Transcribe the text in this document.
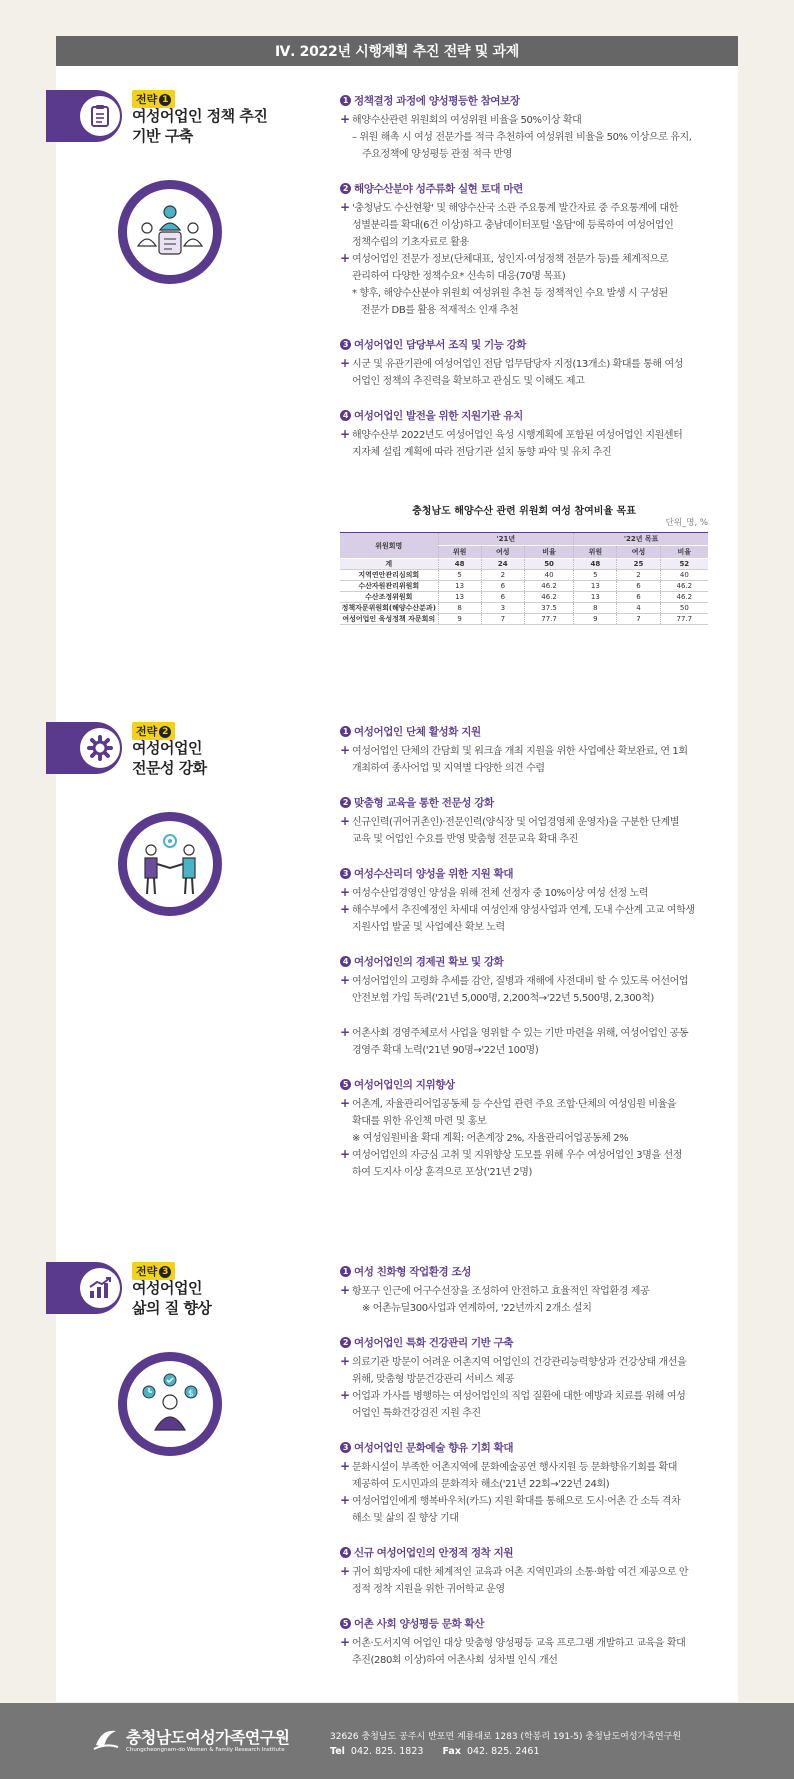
Ⅳ. 2022년 시행계획 추진 전략 및 과제
전략 1
여성어업인 정책 추진
기반 구축
1 정책결정 과정에 양성평등한 참여보장
+ 해양수산관련 위원회의 여성위원 비율을 50%이상 확대
– 위원 해촉 시 여성 전문가를 적극 추천하여 여성위원 비율을 50% 이상으로 유지,
주요정책에 양성평등 관점 적극 반영
2 해양수산분야 성주류화 실현 토대 마련
+ '충청남도 수산현황' 및 해양수산국 소관 주요통계 발간자료 중 주요통계에 대한
성별분리를 확대(6건 이상)하고 충남데이터포털 '올담'에 등록하여 여성어업인
정책수립의 기초자료로 활용
+ 여성어업인 전문가 정보(단체대표, 성인지·여성정책 전문가 등)를 체계적으로
관리하여 다양한 정책수요* 신속히 대응(70명 목표)
* 향후, 해양수산분야 위원회 여성위원 추천 등 정책적인 수요 발생 시 구성된
전문가 DB를 활용 적재적소 인재 추천
3 여성어업인 담당부서 조직 및 기능 강화
+ 시군 및 유관기관에 여성어업인 전담 업무담당자 지정(13개소) 확대를 통해 여성
어업인 정책의 추진력을 확보하고 관심도 및 이해도 제고
4 여성어업인 발전을 위한 지원기관 유치
+ 해양수산부 2022년도 여성어업인 육성 시행계획에 포함된 여성어업인 지원센터
지자체 설립 계획에 따라 전담기관 설치 동향 파악 및 유치 추진
충청남도 해양수산 관련 위원회 여성 참여비율 목표
단위_명, %
위원회명	'21년			'22년 목표		
	위원	여성	비율	위원	여성	비율
계	48	24	50	48	25	52
지역연안관리심의회	5	2	40	5	2	40
수산자원관리위원회	13	6	46.2	13	6	46.2
수산조정위원회	13	6	46.2	13	6	46.2
정책자문위원회(해양수산분과)	8	3	37.5	8	4	50
여성어업인 육성정책 자문회의	9	7	77.7	9	7	77.7
전략 2
여성어업인
전문성 강화
1 여성어업인 단체 활성화 지원
+ 여성어업인 단체의 간담회 및 워크숍 개최 지원을 위한 사업예산 확보완료, 연 1회
개최하여 종사어업 및 지역별 다양한 의견 수렴
2 맞춤형 교육을 통한 전문성 강화
+ 신규인력(귀어귀촌인)·전문인력(양식장 및 어업경영체 운영자)을 구분한 단계별
교육 및 어업인 수요를 반영 맞춤형 전문교육 확대 추진
3 여성수산리더 양성을 위한 지원 확대
+ 여성수산업경영인 양성을 위해 전체 선정자 중 10%이상 여성 선정 노력
+ 해수부에서 추진예정인 차세대 여성인재 양성사업과 연계, 도내 수산계 고교 여학생
지원사업 발굴 및 사업예산 확보 노력
4 여성어업인의 경제권 확보 및 강화
+ 여성어업인의 고령화 추세를 감안, 질병과 재해에 사전대비 할 수 있도록 어선어업
안전보험 가입 독려('21년 5,000명, 2,200척→'22년 5,500명, 2,300척)
+ 어촌사회 경영주체로서 사업을 영위할 수 있는 기반 마련을 위해, 여성어업인 공동
경영주 확대 노력('21년 90명→'22년 100명)
5 여성어업인의 지위향상
+ 어촌계, 자율관리어업공동체 등 수산업 관련 주요 조합·단체의 여성임원 비율을
확대를 위한 유인책 마련 및 홍보
※ 여성임원비율 확대 계획: 어촌계장 2%, 자율관리어업공동체 2%
+ 여성어업인의 자긍심 고취 및 지위향상 도모를 위해 우수 여성어업인 3명을 선정
하여 도지사 이상 훈격으로 포상('21년 2명)
전략 3
여성어업인
삶의 질 향상
$
1 여성 친화형 작업환경 조성
+ 항포구 인근에 어구수선장을 조성하여 안전하고 효율적인 작업환경 제공
※ 어촌뉴딜300사업과 연계하여, '22년까지 2개소 설치
2 여성어업인 특화 건강관리 기반 구축
+ 의료기관 방문이 어려운 어촌지역 어업인의 건강관리능력향상과 건강상태 개선을
위해, 맞춤형 방문건강관리 서비스 제공
+ 어업과 가사를 병행하는 여성어업인의 직업 질환에 대한 예방과 치료를 위해 여성
어업인 특화건강검진 지원 추진
3 여성어업인 문화예술 향유 기회 확대
+ 문화시설이 부족한 어촌지역에 문화예술공연 행사지원 등 문화향유기회를 확대
제공하여 도시민과의 문화격차 해소('21년 22회→'22년 24회)
+ 여성어업인에게 행복바우처(카드) 지원 확대를 통해으로 도시·어촌 간 소득 격차
해소 및 삶의 질 향상 기대
4 신규 여성어업인의 안정적 정착 지원
+ 귀어 희망자에 대한 체계적인 교육과 어촌 지역민과의 소통·화합 여건 제공으로 안
정적 정착 지원을 위한 귀어학교 운영
5 어촌 사회 양성평등 문화 확산
+ 어촌·도서지역 어업인 대상 맞춤형 양성평등 교육 프로그램 개발하고 교육을 확대
추진(280회 이상)하여 어촌사회 성차별 인식 개선
충청남도여성가족연구원
Chungcheongnam-do Women & Family Research Institute
32626 충청남도 공주시 반포면 계룡대로 1283 (학봉리 191-5) 충청남도여성가족연구원
Tel 042. 825. 1823 Fax 042. 825. 2461
